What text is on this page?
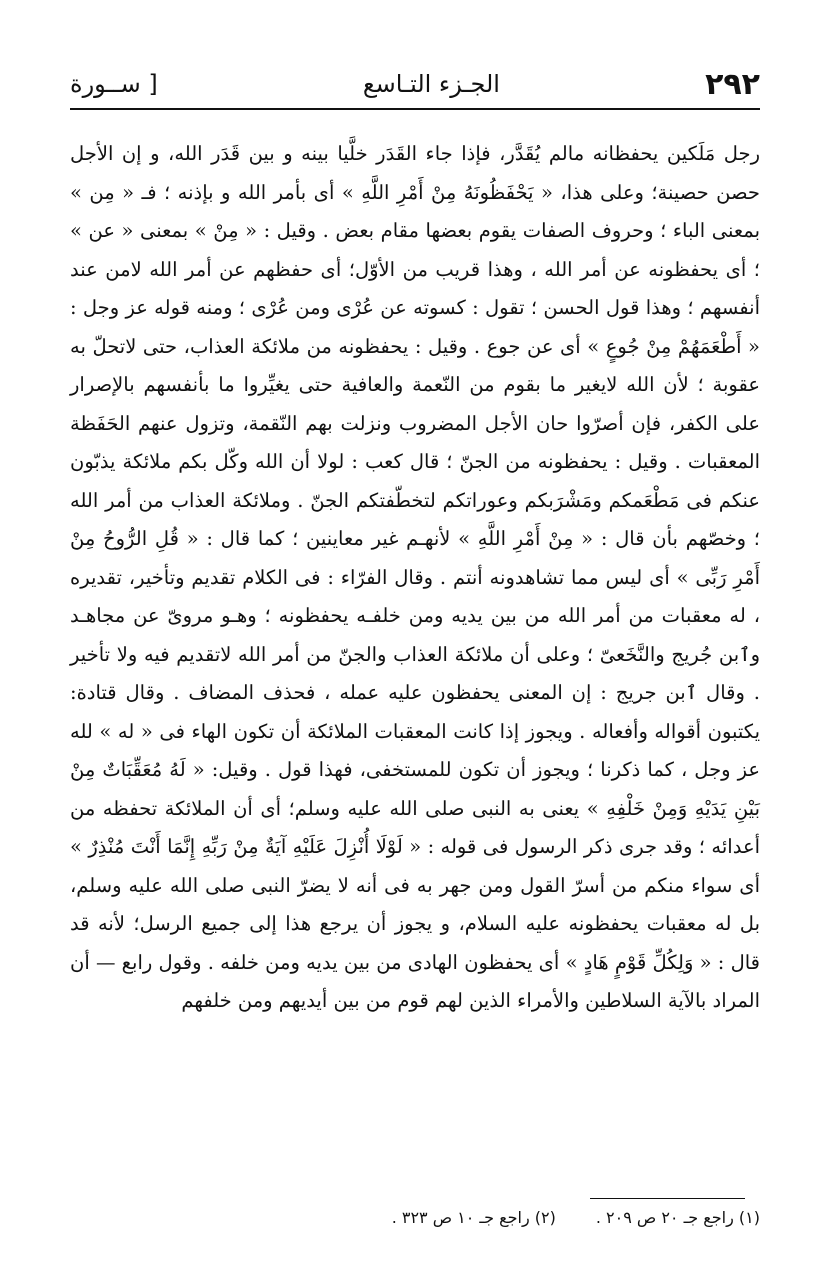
٢٩٢
الجـزء التـاسع
[ ســورة

رجل مَلَكين يحفظانه مالم يُقَدَّر، فإذا جاء القَدَر خلَّيا بينه و بين قَدَر الله، و إن الأجل حصن حصينة؛ وعلى هذا، « يَحْفَظُونَهُ مِنْ أَمْرِ اللَّهِ » أى بأمر الله و بإذنه ؛ فـ « مِن » بمعنى الباء ؛ وحروف الصفات يقوم بعضها مقام بعض . وقيل : « مِنْ » بمعنى « عن » ؛ أى يحفظونه عن أمر الله ، وهذا قريب من الأوّل؛ أى حفظهم عن أمر الله لامن عند أنفسهم ؛ وهذا قول الحسن ؛ تقول : كسوته عن عُرْى ومن عُرْى ؛ ومنه قوله عز وجل : « أَطْعَمَهُمْ مِنْ جُوعٍ » أى عن جوع . وقيل : يحفظونه من ملائكة العذاب، حتى لاتحلّ به عقوبة ؛ لأن الله لايغير ما بقوم من النّعمة والعافية حتى يغيِّروا ما بأنفسهم بالإصرار على الكفر، فإن أصرّوا حان الأجل المضروب ونزلت بهم النّقمة، وتزول عنهم الحَفَظة المعقبات . وقيل : يحفظونه من الجنّ ؛ قال كعب : لولا أن الله وكّل بكم ملائكة يذبّون عنكم فى مَطْعَمكم ومَشْرَبكم وعوراتكم لتخطّفتكم الجنّ . وملائكة العذاب من أمر الله ؛ وخصّهم بأن قال : « مِنْ أَمْرِ اللَّهِ » لأنهـم غير معاينين ؛ كما قال : « قُلِ الرُّوحُ مِنْ أَمْرِ رَبِّى » أى ليس مما تشاهدونه أنتم . وقال الفرّاء : فى الكلام تقديم وتأخير، تقديره ، له معقبات من أمر الله من بين يديه ومن خلفـه يحفظونه ؛ وهـو مروىّ عن مجاهـد وٱبن جُريج والنَّخَعىّ ؛ وعلى أن ملائكة العذاب والجنّ من أمر الله لاتقديم فيه ولا تأخير . وقال ٱبن جريج : إن المعنى يحفظون عليه عمله ، فحذف المضاف . وقال قتادة: يكتبون أقواله وأفعاله . ويجوز إذا كانت المعقبات الملائكة أن تكون الهاء فى « له » لله عز وجل ، كما ذكرنا ؛ ويجوز أن تكون للمستخفى، فهذا قول . وقيل: « لَهُ مُعَقِّبَاتٌ مِنْ بَيْنِ يَدَيْهِ وَمِنْ خَلْفِهِ » يعنى به النبى صلى الله عليه وسلم؛ أى أن الملائكة تحفظه من أعدائه ؛ وقد جرى ذكر الرسول فى قوله : « لَوْلَا أُنْزِلَ عَلَيْهِ آيَةٌ مِنْ رَبِّهِ إِنَّمَا أَنْتَ مُنْذِرٌ » أى سواء منكم من أسرّ القول ومن جهر به فى أنه لا يضرّ النبى صلى الله عليه وسلم، بل له معقبات يحفظونه عليه السلام، و يجوز أن يرجع هذا إلى جميع الرسل؛ لأنه قد قال : « وَلِكُلِّ قَوْمٍ هَادٍ » أى يحفظون الهادى من بين يديه ومن خلفه . وقول رابع — أن المراد بالآية السلاطين والأمراء الذين لهم قوم من بين أيديهم ومن خلفهم

(١) راجع جـ ٢٠ ص ٢٠٩ .
(٢) راجع جـ ١٠ ص ٣٢٣ .
